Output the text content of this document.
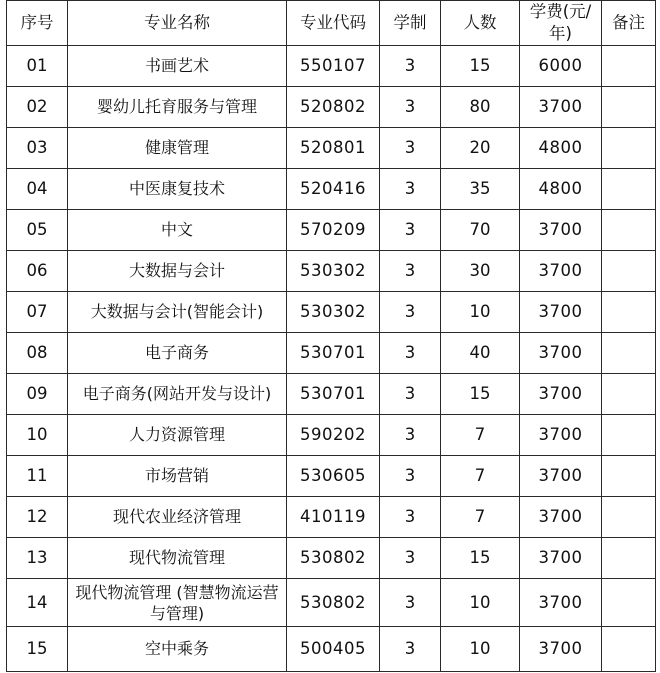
序号	专业名称	专业代码	学制	人数	学费(元/年)	备注
01	书画艺术	550107	3	15	6000	
02	婴幼儿托育服务与管理	520802	3	80	3700	
03	健康管理	520801	3	20	4800	
04	中医康复技术	520416	3	35	4800	
05	中文	570209	3	70	3700	
06	大数据与会计	530302	3	30	3700	
07	大数据与会计(智能会计)	530302	3	10	3700	
08	电子商务	530701	3	40	3700	
09	电子商务(网站开发与设计)	530701	3	15	3700	
10	人力资源管理	590202	3	7	3700	
11	市场营销	530605	3	7	3700	
12	现代农业经济管理	410119	3	7	3700	
13	现代物流管理	530802	3	15	3700	
14	现代物流管理 (智慧物流运营与管理)	530802	3	10	3700	
15	空中乘务	500405	3	10	3700	
